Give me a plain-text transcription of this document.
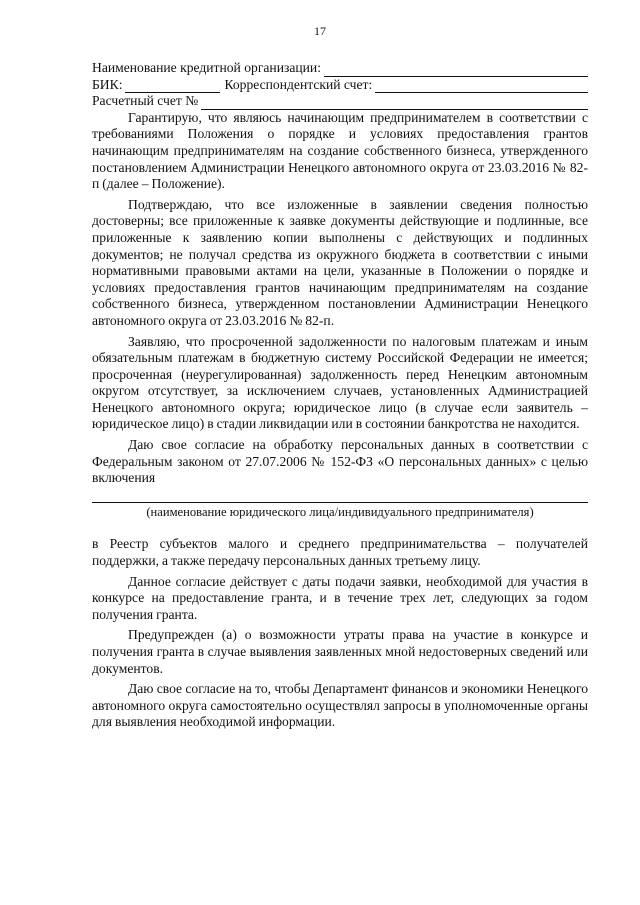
17
Наименование кредитной организации:
БИК:	Корреспондентский счет:
Расчетный счет №

Гарантирую, что являюсь начинающим предпринимателем в соответствии с требованиями Положения о порядке и условиях предоставления грантов начинающим предпринимателям на создание собственного бизнеса, утвержденного постановлением Администрации Ненецкого автономного округа от 23.03.2016 № 82-п (далее – Положение).

Подтверждаю, что все изложенные в заявлении сведения полностью достоверны; все приложенные к заявке документы действующие и подлинные, все приложенные к заявлению копии выполнены с действующих и подлинных документов; не получал средства из окружного бюджета в соответствии с иными нормативными правовыми актами на цели, указанные в Положении о порядке и условиях предоставления грантов начинающим предпринимателям на создание собственного бизнеса, утвержденном постановлении Администрации Ненецкого автономного округа от 23.03.2016 № 82-п.

Заявляю, что просроченной задолженности по налоговым платежам и иным обязательным платежам в бюджетную систему Российской Федерации не имеется; просроченная (неурегулированная) задолженность перед Ненецким автономным округом отсутствует, за исключением случаев, установленных Администрацией Ненецкого автономного округа; юридическое лицо (в случае если заявитель – юридическое лицо) в стадии ликвидации или в состоянии банкротства не находится.

Даю свое согласие на обработку персональных данных в соответствии с Федеральным законом от 27.07.2006 № 152-ФЗ «О персональных данных» с целью включения

(наименование юридического лица/индивидуального предпринимателя)

в Реестр субъектов малого и среднего предпринимательства – получателей поддержки, а также передачу персональных данных третьему лицу.

Данное согласие действует с даты подачи заявки, необходимой для участия в конкурсе на предоставление гранта, и в течение трех лет, следующих за годом получения гранта.

Предупрежден (а) о возможности утраты права на участие в конкурсе и получения гранта в случае выявления заявленных мной недостоверных сведений или документов.

Даю свое согласие на то, чтобы Департамент финансов и экономики Ненецкого автономного округа самостоятельно осуществлял запросы в уполномоченные органы для выявления необходимой информации.
